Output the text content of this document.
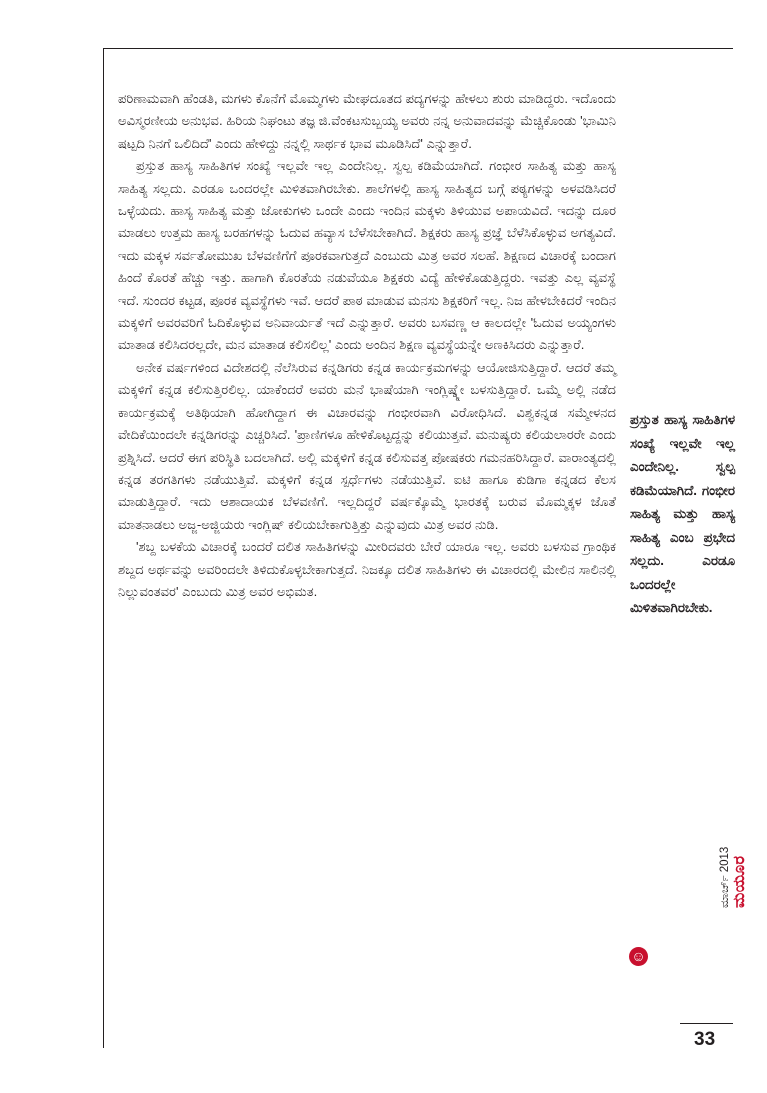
ಪರಿಣಾಮವಾಗಿ ಹೆಂಡತಿ, ಮಗಳು ಕೊನೆಗೆ ಮೊಮ್ಮಗಳು ಮೇಘದೂತದ ಪದ್ಯಗಳನ್ನು ಹೇಳಲು ಶುರು ಮಾಡಿದ್ದರು. ಇದೊಂದು ಅವಿಸ್ಮರಣೀಯ ಅನುಭವ. ಹಿರಿಯ ನಿಘಂಟು ತಜ್ಞ ಜಿ.ವೆಂಕಟಸುಬ್ಬಯ್ಯ ಅವರು ನನ್ನ ಅನುವಾದವನ್ನು ಮೆಚ್ಚಿಕೊಂಡು 'ಭಾಮಿನಿ ಷಟ್ಪದಿ ನಿನಗೆ ಒಲಿದಿದೆ' ಎಂದು ಹೇಳಿದ್ದು ನನ್ನಲ್ಲಿ ಸಾರ್ಥಕ ಭಾವ ಮೂಡಿಸಿದೆ' ಎನ್ನುತ್ತಾರೆ.

ಪ್ರಸ್ತುತ ಹಾಸ್ಯ ಸಾಹಿತಿಗಳ ಸಂಖ್ಯೆ ಇಲ್ಲವೇ ಇಲ್ಲ ಎಂದೇನಿಲ್ಲ. ಸ್ವಲ್ಪ ಕಡಿಮೆಯಾಗಿದೆ. ಗಂಭೀರ ಸಾಹಿತ್ಯ ಮತ್ತು ಹಾಸ್ಯ ಸಾಹಿತ್ಯ ಸಲ್ಲದು. ಎರಡೂ ಒಂದರಲ್ಲೇ ಮಿಳಿತವಾಗಿರಬೇಕು. ಶಾಲೆಗಳಲ್ಲಿ ಹಾಸ್ಯ ಸಾಹಿತ್ಯದ ಬಗ್ಗೆ ಪಠ್ಯಗಳನ್ನು ಅಳವಡಿಸಿದರೆ ಒಳ್ಳೆಯದು. ಹಾಸ್ಯ ಸಾಹಿತ್ಯ ಮತ್ತು ಜೋಕುಗಳು ಒಂದೇ ಎಂದು ಇಂದಿನ ಮಕ್ಕಳು ತಿಳಿಯುವ ಅಪಾಯವಿದೆ. ಇದನ್ನು ದೂರ ಮಾಡಲು ಉತ್ತಮ ಹಾಸ್ಯ ಬರಹಗಳನ್ನು ಓದುವ ಹವ್ಯಾಸ ಬೆಳೆಸಬೇಕಾಗಿದೆ. ಶಿಕ್ಷಕರು ಹಾಸ್ಯ ಪ್ರಜ್ಞೆ ಬೆಳೆಸಿಕೊಳ್ಳುವ ಅಗತ್ಯವಿದೆ. ಇದು ಮಕ್ಕಳ ಸರ್ವತೋಮುಖ ಬೆಳವಣಿಗೆಗೆ ಪೂರಕವಾಗುತ್ತದೆ ಎಂಬುದು ಮಿತ್ರ ಅವರ ಸಲಹೆ. ಶಿಕ್ಷಣದ ವಿಚಾರಕ್ಕೆ ಬಂದಾಗ ಹಿಂದೆ ಕೊರತೆ ಹೆಚ್ಚು ಇತ್ತು. ಹಾಗಾಗಿ ಕೊರತೆಯ ನಡುವೆಯೂ ಶಿಕ್ಷಕರು ವಿದ್ಯೆ ಹೇಳಿಕೊಡುತ್ತಿದ್ದರು. ಇವತ್ತು ಎಲ್ಲ ವ್ಯವಸ್ಥೆ ಇದೆ. ಸುಂದರ ಕಟ್ಟಡ, ಪೂರಕ ವ್ಯವಸ್ಥೆಗಳು ಇವೆ. ಆದರೆ ಪಾಠ ಮಾಡುವ ಮನಸು ಶಿಕ್ಷಕರಿಗೆ ಇಲ್ಲ. ನಿಜ ಹೇಳಬೇಕಿದರೆ ಇಂದಿನ ಮಕ್ಕಳಿಗೆ ಅವರವರಿಗೆ ಓದಿಕೊಳ್ಳುವ ಅನಿವಾರ್ಯತೆ ಇದೆ ಎನ್ನುತ್ತಾರೆ. ಅವರು ಬಸವಣ್ಣ ಆ ಕಾಲದಲ್ಲೇ 'ಓದುವ ಅಯ್ಯಂಗಳು ಮಾತಾಡ ಕಲಿಸಿದರಲ್ಲದೇ, ಮನ ಮಾತಾಡ ಕಲಿಸಲಿಲ್ಲ' ಎಂದು ಅಂದಿನ ಶಿಕ್ಷಣ ವ್ಯವಸ್ಥೆಯನ್ನೇ ಅಣಕಿಸಿದರು ಎನ್ನುತ್ತಾರೆ.

ಅನೇಕ ವರ್ಷಗಳಿಂದ ವಿದೇಶದಲ್ಲಿ ನೆಲೆಸಿರುವ ಕನ್ನಡಿಗರು ಕನ್ನಡ ಕಾರ್ಯಕ್ರಮಗಳನ್ನು ಆಯೋಜಿಸುತ್ತಿದ್ದಾರೆ. ಆದರೆ ತಮ್ಮ ಮಕ್ಕಳಿಗೆ ಕನ್ನಡ ಕಲಿಸುತ್ತಿರಲಿಲ್ಲ. ಯಾಕೆಂದರೆ ಅವರು ಮನೆ ಭಾಷೆಯಾಗಿ ಇಂಗ್ಲಿಷ್ನ್ನೇ ಬಳಸುತ್ತಿದ್ದಾರೆ. ಒಮ್ಮೆ ಅಲ್ಲಿ ನಡೆದ ಕಾರ್ಯಕ್ರಮಕ್ಕೆ ಅತಿಥಿಯಾಗಿ ಹೋಗಿದ್ದಾಗ ಈ ವಿಚಾರವನ್ನು ಗಂಭೀರವಾಗಿ ವಿರೋಧಿಸಿದೆ. ವಿಶ್ವಕನ್ನಡ ಸಮ್ಮೇಳನದ ವೇದಿಕೆಯಿಂದಲೇ ಕನ್ನಡಿಗರನ್ನು ಎಚ್ಚರಿಸಿದೆ. 'ಪ್ರಾಣಿಗಳೂ ಹೇಳಿಕೊಟ್ಟದ್ದನ್ನು ಕಲಿಯುತ್ತವೆ. ಮನುಷ್ಯರು ಕಲಿಯಲಾರರೇ ಎಂದು ಪ್ರಶ್ನಿಸಿದೆ. ಆದರೆ ಈಗ ಪರಿಸ್ಥಿತಿ ಬದಲಾಗಿದೆ. ಅಲ್ಲಿ ಮಕ್ಕಳಿಗೆ ಕನ್ನಡ ಕಲಿಸುವತ್ತ ಪೋಷಕರು ಗಮನಹರಿಸಿದ್ದಾರೆ. ವಾರಾಂತ್ಯದಲ್ಲಿ ಕನ್ನಡ ತರಗತಿಗಳು ನಡೆಯುತ್ತಿವೆ. ಮಕ್ಕಳಿಗೆ ಕನ್ನಡ ಸ್ಪರ್ಧೆಗಳು ನಡೆಯುತ್ತಿವೆ. ಐಟಿ ಹಾಗೂ ಕುಡಿಗಾ ಕನ್ನಡದ ಕೆಲಸ ಮಾಡುತ್ತಿದ್ದಾರೆ. ಇದು ಆಶಾದಾಯಕ ಬೆಳವಣಿಗೆ. ಇಲ್ಲದಿದ್ದರೆ ವರ್ಷಕ್ಕೊಮ್ಮೆ ಭಾರತಕ್ಕೆ ಬರುವ ಮೊಮ್ಮಕ್ಕಳ ಜೊತೆ ಮಾತನಾಡಲು ಅಜ್ಜ-ಅಜ್ಜಿಯರು ಇಂಗ್ಲಿಷ್ ಕಲಿಯಬೇಕಾಗುತ್ತಿತ್ತು ಎನ್ನುವುದು ಮಿತ್ರ ಅವರ ನುಡಿ.

'ಶಬ್ದ ಬಳಕೆಯ ವಿಚಾರಕ್ಕೆ ಬಂದರೆ ದಲಿತ ಸಾಹಿತಿಗಳನ್ನು ಮೀರಿದವರು ಬೇರೆ ಯಾರೂ ಇಲ್ಲ. ಅವರು ಬಳಸುವ ಗ್ರಾಂಥಿಕ ಶಬ್ದದ ಅರ್ಥವನ್ನು ಅವರಿಂದಲೇ ತಿಳಿದುಕೊಳ್ಳಬೇಕಾಗುತ್ತದೆ. ನಿಜಕ್ಕೂ ದಲಿತ ಸಾಹಿತಿಗಳು ಈ ವಿಚಾರದಲ್ಲಿ ಮೇಲಿನ ಸಾಲಿನಲ್ಲಿ ನಿಲ್ಲುವಂತವರ' ಎಂಬುದು ಮಿತ್ರ ಅವರ ಅಭಿಮತ.

ಪ್ರಸ್ತುತ ಹಾಸ್ಯ ಸಾಹಿತಿಗಳ ಸಂಖ್ಯೆ ಇಲ್ಲವೇ ಇಲ್ಲ ಎಂದೇನಿಲ್ಲ. ಸ್ವಲ್ಪ ಕಡಿಮೆಯಾಗಿದೆ. ಗಂಭೀರ ಸಾಹಿತ್ಯ ಮತ್ತು ಹಾಸ್ಯ ಸಾಹಿತ್ಯ ಎಂಬ ಪ್ರಭೇದ ಸಲ್ಲದು. ಎರಡೂ ಒಂದರಲ್ಲೇ ಮಿಳಿತವಾಗಿರಬೇಕು.

ಮಾರ್ಚ್ 2013 ಮಯೂರ
☺
33
